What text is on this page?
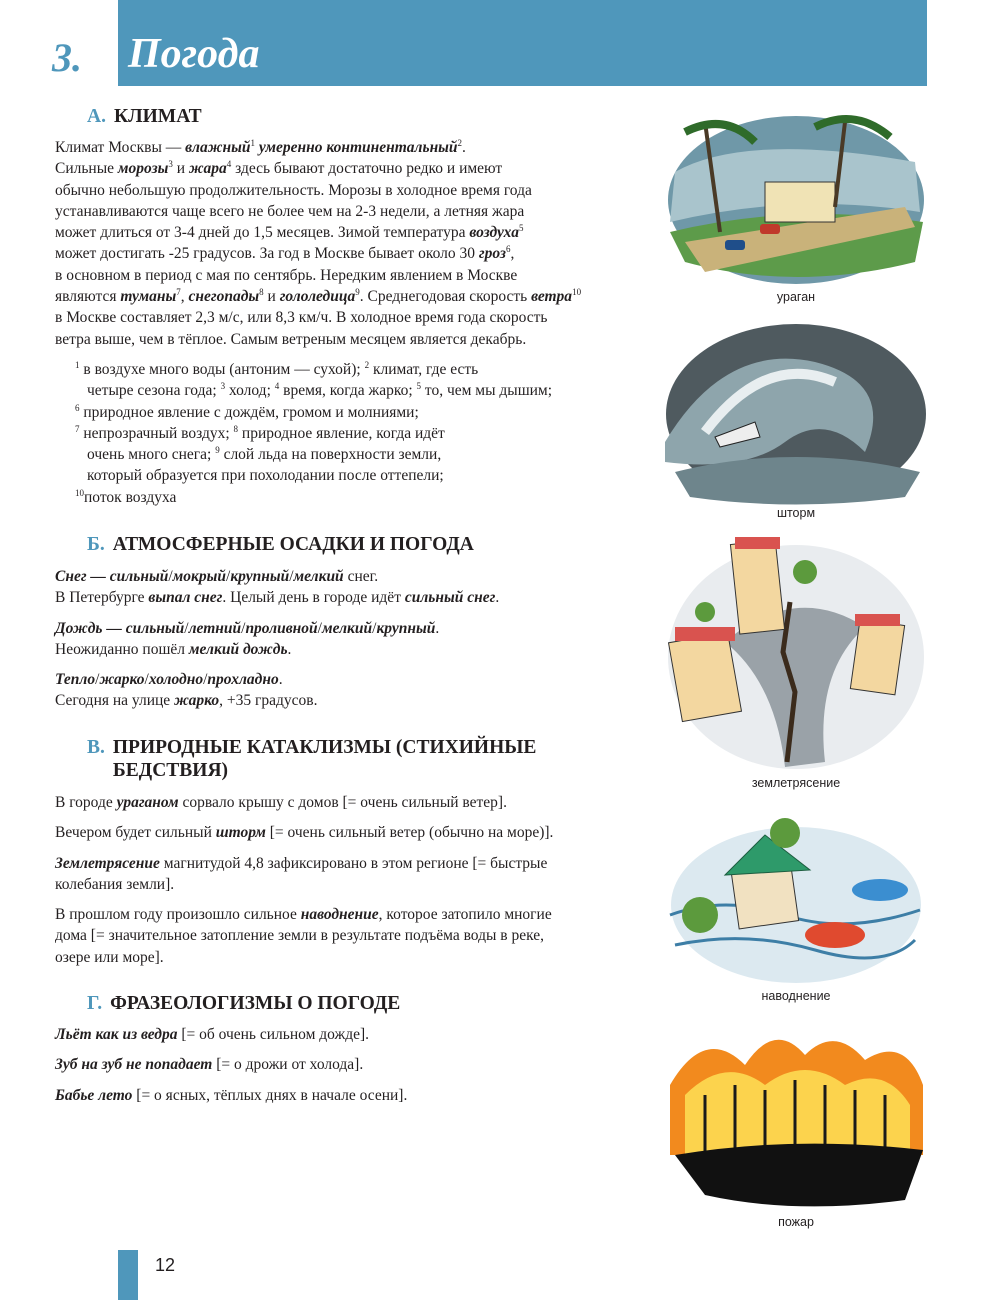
3. Погода
А. КЛИМАТ
Климат Москвы — влажный$^1$ умеренно континентальный$^2$.
Сильные морозы$^3$ и жара$^4$ здесь бывают достаточно редко и имеют
обычно небольшую продолжительность. Морозы в холодное время года
устанавливаются чаще всего не более чем на 2-3 недели, а летняя жара
может длиться от 3-4 дней до 1,5 месяцев. Зимой температура воздуха$^5$
может достигать -25 градусов. За год в Москве бывает около 30 гроз$^6$,
в основном в период с мая по сентябрь. Нередким явлением в Москве
являются туманы$^7$, снегопады$^8$ и гололедица$^9$. Среднегодовая скорость ветра$^{10}$
в Москве составляет 2,3 м/с, или 8,3 км/ч. В холодное время года скорость
ветра выше, чем в тёплое. Самым ветреным месяцем является декабрь.
$^1$ в воздухе много воды (антоним — сухой); $^2$ климат, где есть
четыре сезона года; $^3$ холод; $^4$ время, когда жарко; $^5$ то, чем мы дышим;
$^6$ природное явление с дождём, громом и молниями;
$^7$ непрозрачный воздух; $^8$ природное явление, когда идёт
очень много снега; $^9$ слой льда на поверхности земли,
который образуется при похолодании после оттепели;
$^{10}$поток воздуха
Б. АТМОСФЕРНЫЕ ОСАДКИ И ПОГОДА
Снег — сильный/мокрый/крупный/мелкий снег.
В Петербурге выпал снег. Целый день в городе идёт сильный снег.
Дождь — сильный/летний/проливной/мелкий/крупный.
Неожиданно пошёл мелкий дождь.
Тепло/жарко/холодно/прохладно.
Сегодня на улице жарко, +35 градусов.
В. ПРИРОДНЫЕ КАТАКЛИЗМЫ (СТИХИЙНЫЕ
БЕДСТВИЯ)
В городе ураганом сорвало крышу с домов [= очень сильный ветер].
Вечером будет сильный шторм [= очень сильный ветер (обычно на море)].
Землетрясение магнитудой 4,8 зафиксировано в этом регионе [= быстрые
колебания земли].
В прошлом году произошло сильное наводнение, которое затопило многие
дома [= значительное затопление земли в результате подъёма воды в реке,
озере или море].
Г. ФРАЗЕОЛОГИЗМЫ О ПОГОДЕ
Льёт как из ведра [= об очень сильном дожде].
Зуб на зуб не попадает [= о дрожи от холода].
Бабье лето [= о ясных, тёплых днях в начале осени].
ураган
шторм
землетрясение
наводнение
пожар
12
